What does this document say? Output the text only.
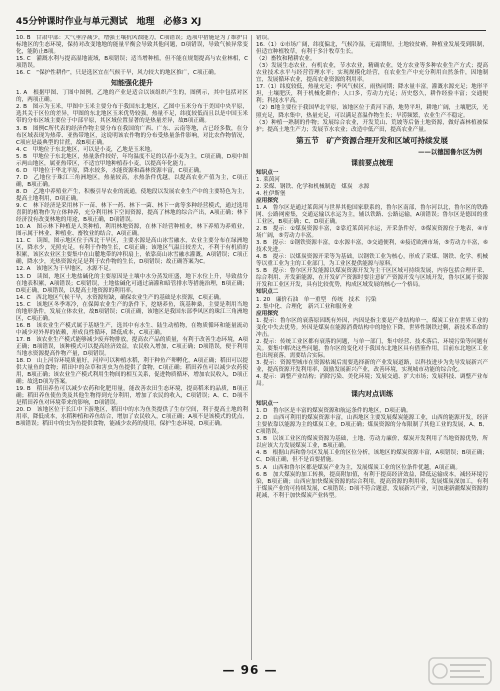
45分钟课时作业与单元测试　地理　必修3 XJ

10. B　甘肃中部：大气垂浮减少，增强土壤抗风蚀能力，C项错误；选项中措施是为了维护目标地区的生态环境，保持对改变地地的能量平衡会导致其他问题，D项错误，导致气候异常变化，能防止B项。

15. C　灌溉水利与提高湿地流域，B项错误；适当增种植，但不能在规划提高与农业林相，C项错误。

16. C　“保护性耕作”，只是选区宜在气候干旱，风力较大的地区推广，C项正确。

知能强化提升

1. A　根据甲图、丁图中图例，乙地的产业是适合以该组织产生的，图例示，其中包括对区的，两项正确。

2. B　图示为玉米，甲图中玉米主要分布于我国东北地区，乙图中玉米分布于美国中央平原，选其关于区位的差异，甲图的东北地区玉米优势较强，热量不足，纬度较低而且以是中国玉米带的分布区域主要位于中部平原，其区域位置显著的是热量差异，故B项正确。

3. B　图例C所代表的经济作物主要分布在我国的广西、广东、云南等地，占已经多数，在分布区域表现为热带、亚热带地区，这说明该农作物的分布受热量条件影响，对比农作物情况，C项应是最典型的甘蔗，故B项正确。

4. C　甲地位于东北地区，可以是小麦，乙地是玉米地。

5. B　甲地位于东北地区，热量条件较好，年均温度不足的以春小麦为主，C项正确，D项中图示两山地区，属亚热带区，不适宜甲地种植春小麦，以提高年化能力。

6. D　甲地位于华北平原，降水较多，水能资源和森林资源丰富，C项正确。

7. D　乙地位于珠江三角洲地区，热量较高，水热条件优越，以提高农业产值为主，C项正确，B项正确。

8. D　乙地中养殖业产生，积极引导农业的流通，使地段以发展农业生产中的主要特色为主，提高土地利用，D项正确。

9. C　林下经济是采用林下一苗、林下一药、林下一菌、林下一禽等多种经营模式，通过选用喜阴的植物作为立体种养，充分利用林下空间资源，提高了林地的综合产出，A项正确；林下经济没有改变林地的用途，B项正确，D项错误。

10. A　图示林下种植是人类种植，利用林地资源，在林下经营种植业，林下养殖为养殖业，图示属于林业、种植业、畜牧业的结合，A项正确。

11. C　读图，图示地区位于西北干旱区，主要水源是高山冰雪融水，农业主要分布在绿洲地区，降水少，光照充足，有利于作物生长，C项正确；该地区气温日较差大，不利于有机质的积累，该区农业区主要集中在山麓地带的冲积扇上，依靠高山冰雪融水灌溉，A项错误；C项正确，降水少，光热资源充足是利于农作物的生长，D项错误；故正确答案为C。

12. A　该地区为干旱地区，水源不足。

13. D　读图，地区土地盐碱化的主要原因是土壤中水分蒸发旺盛，地下水位上升，导致盐分在地表积累，A项错误；C项错误，土地盐碱化可通过滴灌和暗管排水等措施治理，B项正确；D项正确，D项错误，以提高土地资源的利用率。

14. C　西北地区气候干旱，水资源短缺，确保农业生产的基础是水资源，C项正确。

15. C　该地区冬季寒冷，在保障农业生产的条件下，挖塘养鱼，筑基种桑，主要是利用当地的地形条件，发展立体农业，故B项错误；C项正确，该地区是我国东部季风区的珠江三角洲地区，C项正确。

16. B　该农业生产模式属于基塘生产，选其中有水生、陆生动植物，在物质循环和能量流动中减少对外界的依赖，形成良性循环，降低成本，C项正确。

17. B　该农业生产模式能够减少废弃物排放，提高农产品的质量，有利于改善生态环境，A项正确；B项错误，该种模式可以提高经济效益，农民收入增加，C项正确；D项错误，便于利用当地水资源提高作物产量，D项错误。

18. D　山上河谷环境质量好，河岸可以种植水稻，利于种鱼产卵孵化，A项正确；稻田可以提供大量鱼的食物；稻田中的杂草和害虫为鱼提供了食物，C项正确；稻田养鱼可以减少农药使用，B项正确；该农业生产模式利用生物间的相互关系，促进物质循环，增加农民收入，D项正确；故选D项为答案。

19. B　稻田养鱼可以减少农药和化肥用量，能改善农田生态环境，提高稻米的品质，B项正确；稻田养鱼使鱼类及其他生物得到充分利用，增加了农民的收入，C项错误；A、C、D项不是稻田养鱼对环境带来的影响，D项错误。

20. D　该地区位于长江中下游地区，稻田中的水为鱼类提供了生存空间，利于提高土地的利用率，降低成本，水稻种植和养鱼结合，增加了农民收入，C项正确；A项不是该模式的优点，B项错误；稻田中的虫为鱼提供食物，能减少农药的使用，保护生态环境，D项正确。

错误。

16.（1）①市场广阔，纬度偏北，气候冷湿，无霜期短，土地较贫瘠，种植业发展受到限制，但适宜种植牧草，有利于多汁牧草生长。

（2）畜牧和精耕农业。

（3）发展生态农业，有机农业，节水农业，精确农业，处方农业等多种农业生产方式；提高农业技术水平与经营管理水平；实现规模化经营，在农业生产中充分利用自然条件，因地制宜，发展循环农业，提高农业资源的利用率。

17.（1）纬度较低，热量充足；季风气候区，雨热同期；降水量丰富，灌溉水源充足；地形平坦，土壤肥沃，利于机械化耕作；人口多，劳动力充足；历史悠久，耕作经验丰富；交通便利；科技水平高。

（2）B地主要位于我国华北平原，该地区位于黄河下游，地势平坦，耕地广阔，土壤肥沃，光照充足，降水集中，热量充足，可以满足喜温作物生长；旱涝频繁，农业生产不稳定。

（3）种植一熟制的作物；发展综合农业，开发荒山、荒坡等后备土地资源，做好森林植被保护；提高土地生产力；发展节水农业；改造中低产田，提高农业产量。

第五节　矿产资源合理开发和区域可持续发展
——以德国鲁尔区为例
课前要点梳理

知识点一

1. 莱茵河

2. 采煤、钢铁、化学和机械制造　煤炭　水源

4. 杜伊斯堡

应用探究

1. A　鲁尔区是通过莱茵河与世界其他国家联系的，鲁尔区南部，鲁尔河以北，鲁尔区的铁路网、公路网密集，交通运输以水运为主，辅以铁路、公路运输，A项错误；鲁尔区是德国的重工业区，B项正确；C、D项正确。

2. B　提示：①煤炭资源丰富，②靠近莱茵河水运，开采条件好，③煤炭资源位于地表，④市场广阔，⑤劳动力丰富。

3. B　提示：①钢铁资源丰富，②水源丰富，③交通便利，④接近欧洲市场，⑤劳动力丰富，⑥技术先进。

4. B　提示：以煤炭资源开采等为基础，以钢铁工业为核心，形成了采煤、钢铁、化学、机械等以重工业为主的工业部门，为工业区提供能源与原料。

5. B　提示：鲁尔区开发能源以煤炭资源开发为主干区区域可持续发展，内容包括合理开采、综合利用、开发新能源，在开发矿产资源时要注意矿产资源开发与区域开发，鲁尔区属于资源开发和工业区开发，具有比较优势，构成区域发展的核心一个格局。

知识点二

1. 20　廉价石油　单一重型　传统　技术　污染

2. 集中化、合理化　新兴工业和服务业

应用探究

1. 提示：鲁尔区的衰落原因既有外因，内因是指主要是产业结构单一，煤炭工业在世界工业的变化中失去优势。外因是煤炭在能源消费结构中的地位下降，世界性钢铁过剩，新技术革命的冲击。

2. 提示：传统工业区都有衰落的问题，与单一部门，集中经营、技术落后、环境污染等问题有关。要集中解决这些问题，鲁尔区的变化对于我国东北地区具有借鉴作用，目前东北地区工业也出现衰落，需要结合实际。

3. 提示：资源型城市在资源枯竭后需要选择新的产业发展道路，以科技进步为先导发展新兴产业，提高资源开发利用率，鼓励发展新兴产业，改善环境，实现城市功能的综合化。

4. 提示：调整产业结构；消除污染、美化环境；发展交通、扩大市场；发展科技、调整产业布局。

课内对点训练

知识点一

1. D　鲁尔区是丰富的煤炭资源和航运条件的地区，D项正确。

2. D　山西可利用的煤炭资源丰富，山西地区主要发展煤炭能源工业，山西的能源开发，经济主要依靠以能源为主的煤炭工业，D项正确；煤炭资源的分布限制了其他工业的发展，A、B、C项错误。

3. B　以该工业区的煤炭资源为基础，土地、劳动力廉价，煤炭开发利用了当地资源优势，所以应该大力发展煤炭工业，B项正确。

4. B　根据山西和鲁尔区发展工业的区位分析，该地区的煤炭资源丰富，A项错误；B项正确；C、D项正确，但不是首要措施。

5. A　山西和鲁尔区都是煤炭产业为主，发展煤炭工业的区位条件优越，A项正确。

6. B　加大煤炭的加工转换，提高附加值，有利于提高经济效益，降低运输成本，减轻环境污染，B项正确；山西应加快煤炭资源的综合利用，提高资源的利用率，发展煤炭深加工，有利于煤炭产业的可持续发展，C项错误；D项不符合题意，发展新兴产业，可加速新疆煤炭资源的耗减，不利于加快煤炭产业转型。

— 96 —
